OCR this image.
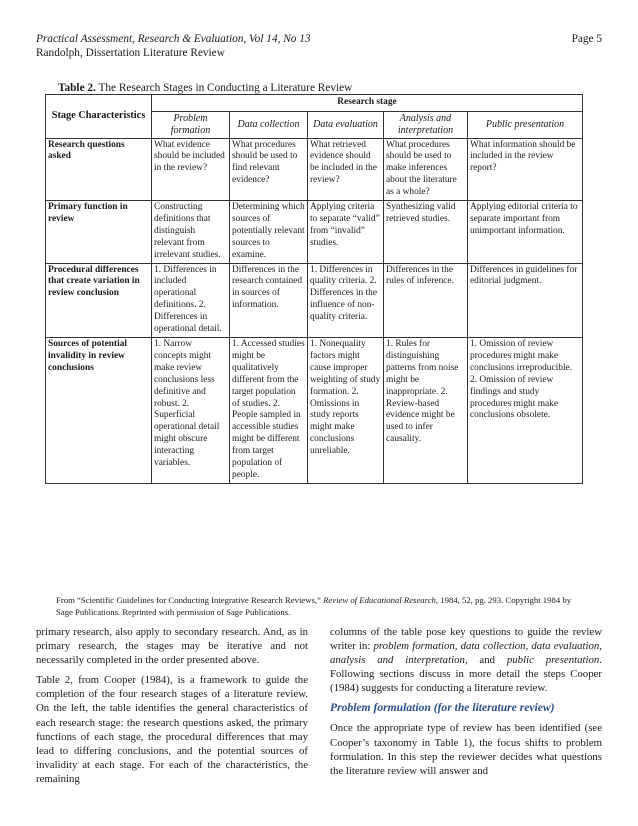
Practical Assessment, Research & Evaluation, Vol 14, No 13	Page 5
Randolph, Dissertation Literature Review
Table 2. The Research Stages in Conducting a Literature Review
Stage Characteristics	Research stage				
	Problem formation	Data collection	Data evaluation	Analysis and interpretation	Public presentation
Research questions asked	What evidence should be included in the review?	What procedures should be used to find relevant evidence?	What retrieved evidence should be included in the review?	What procedures should be used to make inferences about the literature as a whole?	What information should be included in the review report?
Primary function in review	Constructing definitions that distinguish relevant from irrelevant studies.	Determining which sources of potentially relevant sources to examine.	Applying criteria to separate “valid” from “invalid” studies.	Synthesizing valid retrieved studies.	Applying editorial criteria to separate important from unimportant information.
Procedural differences that create variation in review conclusion	1. Differences in included operational definitions. 2. Differences in operational detail.	Differences in the research contained in sources of information.	1. Differences in quality criteria. 2. Differences in the influence of non-quality criteria.	Differences in the rules of inference.	Differences in guidelines for editorial judgment.
Sources of potential invalidity in review conclusions	1. Narrow concepts might make review conclusions less definitive and robust. 2. Superficial operational detail might obscure interacting variables.	1. Accessed studies might be qualitatively different from the target population of studies. 2. People sampled in accessible studies might be different from target population of people.	1. Nonequality factors might cause improper weighting of study formation. 2. Omissions in study reports might make conclusions unreliable.	1. Rules for distinguishing patterns from noise might be inappropriate. 2. Review-based evidence might be used to infer causality.	1. Omission of review procedures might make conclusions irreproducible. 2. Omission of review findings and study procedures might make conclusions obsolete.
From “Scientific Guidelines for Conducting Integrative Research Reviews,” Review of Educational Research, 1984, 52, pg. 293. Copyright 1984 by Sage Publications. Reprinted with permission of Sage Publications.

primary research, also apply to secondary research. And, as in primary research, the stages may be iterative and not necessarily completed in the order presented above.

Table 2, from Cooper (1984), is a framework to guide the completion of the four research stages of a literature review. On the left, the table identifies the general characteristics of each research stage: the research questions asked, the primary functions of each stage, the procedural differences that may lead to differing conclusions, and the potential sources of invalidity at each stage. For each of the characteristics, the remaining

columns of the table pose key questions to guide the review writer in: problem formation, data collection, data evaluation, analysis and interpretation, and public presentation. Following sections discuss in more detail the steps Cooper (1984) suggests for conducting a literature review.

Problem formulation (for the literature review)

Once the appropriate type of review has been identified (see Cooper’s taxonomy in Table 1), the focus shifts to problem formulation. In this step the reviewer decides what questions the literature review will answer and
